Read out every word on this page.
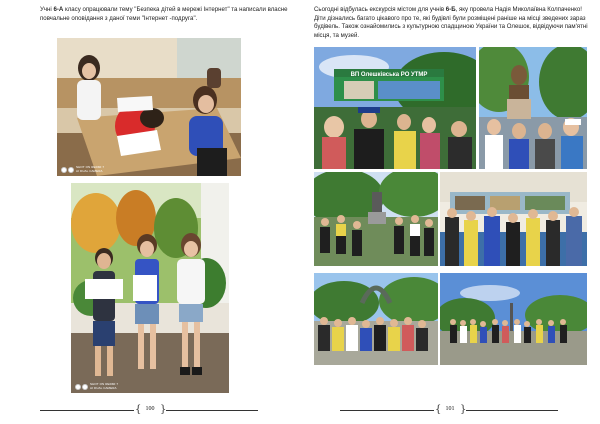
Учні 6-А класу опрацювали тему "Безпека дітей в мережі Інтернет" та написали власне повчальне оповідання з даної теми "Інтернет -подруга".
SHOT ON REDMI 7
AI DUAL CAMERA
SHOT ON REDMI 7
AI DUAL CAMERA
{ 100 }
Сьогодні відбулась екскурсія містом для учнів 6-Б, яку провела Надія Миколаївна Колпаченко! Діти дізнались багато цікавого про те, які будівлі були розміщені раніше на місці зведених зараз будівель. Також ознайомились з культурною спадщиною України та Олешок, відвідуючи пам'ятні місця, та музей.
ВП Олешківська РО УТМР
{ 101 }
